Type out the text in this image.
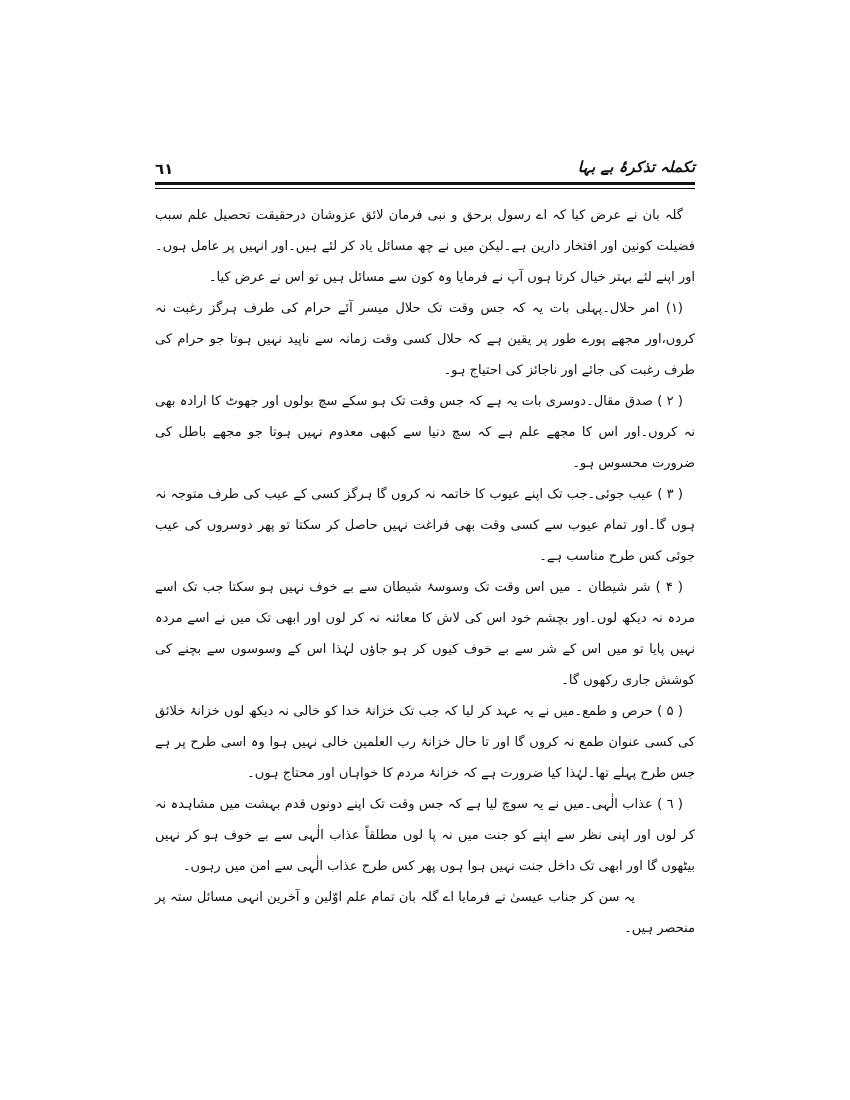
٦١	تکملہ تذکرۂ بے بہا

گلہ بان نے عرض کیا کہ اے رسول برحق و نبی فرمان لائق عزوشان درحقیقت تحصیل علم سبب فضیلت کونین اور افتخار دارین ہے۔لیکن میں نے چھ مسائل یاد کر لئے ہیں۔اور انہیں پر عامل ہوں۔اور اپنے لئے بہتر خیال کرتا ہوں آپ نے فرمایا وہ کون سے مسائل ہیں تو اس نے عرض کیا۔

(۱) امر حلال۔پہلی بات یہ کہ جس وقت تک حلال میسر آئے حرام کی طرف ہرگز رغبت نہ کروں،اور مجھے پورے طور پر یقین ہے کہ حلال کسی وقت زمانہ سے ناپید نہیں ہوتا جو حرام کی طرف رغبت کی جائے اور ناجائز کی احتیاج ہو۔

( ۲ ) صدق مقال۔دوسری بات یہ ہے کہ جس وقت تک ہو سکے سچ بولوں اور جھوٹ کا ارادہ بھی نہ کروں۔اور اس کا مجھے علم ہے کہ سچ دنیا سے کبھی معدوم نہیں ہوتا جو مجھے باطل کی ضرورت محسوس ہو۔

( ۳ ) عیب جوئی۔جب تک اپنے عیوب کا خاتمہ نہ کروں گا ہرگز کسی کے عیب کی طرف متوجہ نہ ہوں گا۔اور تمام عیوب سے کسی وقت بھی فراغت نہیں حاصل کر سکتا تو پھر دوسروں کی عیب جوئی کس طرح مناسب ہے۔

( ۴ ) شر شیطان ۔ میں اس وقت تک وسوسۂ شیطان سے بے خوف نہیں ہو سکتا جب تک اسے مردہ نہ دیکھ لوں۔اور بچشم خود اس کی لاش کا معائنہ نہ کر لوں اور ابھی تک میں نے اسے مردہ نہیں پایا تو میں اس کے شر سے بے خوف کیوں کر ہو جاؤں لہٰذا اس کے وسوسوں سے بچنے کی کوشش جاری رکھوں گا۔

( ۵ ) حرص و طمع۔میں نے یہ عہد کر لیا کہ جب تک خزانۂ خدا کو خالی نہ دیکھ لوں خزانۂ خلائق کی کسی عنوان طمع نہ کروں گا اور تا حال خزانۂ رب العلمین خالی نہیں ہوا وہ اسی طرح پر ہے جس طرح پہلے تھا۔لہٰذا کیا ضرورت ہے کہ خزانۂ مردم کا خواہاں اور محتاج ہوں۔

( ٦ ) عذاب الٰہی۔میں نے یہ سوچ لیا ہے کہ جس وقت تک اپنے دونوں قدم بہشت میں مشاہدہ نہ کر لوں اور اپنی نظر سے اپنے کو جنت میں نہ پا لوں مطلقاً عذاب الٰہی سے بے خوف ہو کر نہیں بیٹھوں گا اور ابھی تک داخل جنت نہیں ہوا ہوں پھر کس طرح عذاب الٰہی سے امن میں رہوں۔

یہ سن کر جناب عیسیٰ نے فرمایا اے گلہ بان تمام علم اوّلین و آخرین انہی مسائل ستہ پر منحصر ہیں۔
